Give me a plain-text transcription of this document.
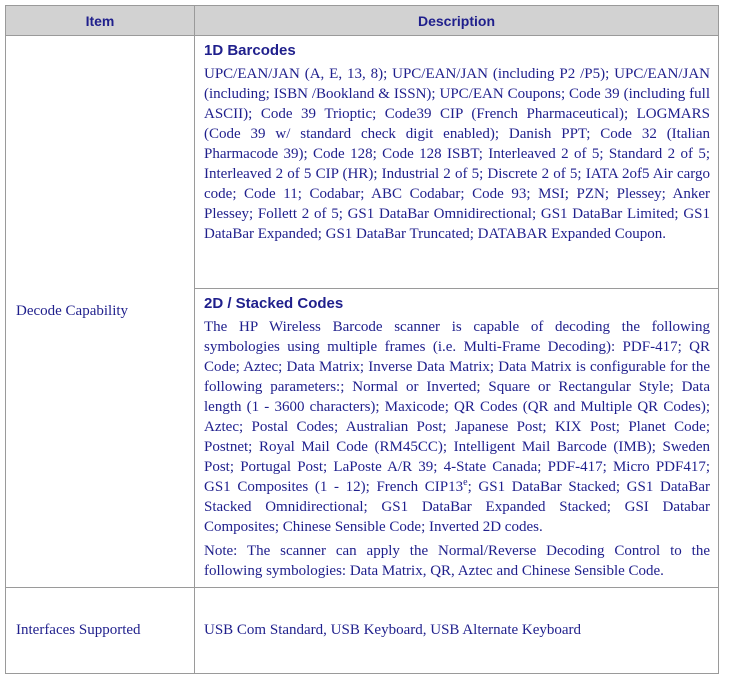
Item	Description
Decode Capability	1D Barcodes

UPC/EAN/JAN (A, E, 13, 8); UPC/EAN/JAN (including P2 /P5); UPC/EAN/JAN (including; ISBN /Bookland & ISSN); UPC/EAN Coupons; Code 39 (including full ASCII); Code 39 Trioptic; Code39 CIP (French Pharmaceutical); LOGMARS (Code 39 w/ standard check digit enabled); Danish PPT; Code 32 (Italian Pharmacode 39); Code 128; Code 128 ISBT; Interleaved 2 of 5; Standard 2 of 5; Interleaved 2 of 5 CIP (HR); Industrial 2 of 5; Discrete 2 of 5; IATA 2of5 Air cargo code; Code 11; Codabar; ABC Codabar; Code 93; MSI; PZN; Plessey; Anker Plessey; Follett 2 of 5; GS1 DataBar Omnidirectional; GS1 DataBar Limited; GS1 DataBar Expanded; GS1 DataBar Truncated; DATABAR Expanded Coupon.

	2D / Stacked Codes

The HP Wireless Barcode scanner is capable of decoding the following symbologies using multiple frames (i.e. Multi-Frame Decoding): PDF-417; QR Code; Aztec; Data Matrix; Inverse Data Matrix; Data Matrix is configurable for the following parameters:; Normal or Inverted; Square or Rectangular Style; Data length (1 - 3600 characters); Maxicode; QR Codes (QR and Multiple QR Codes); Aztec; Postal Codes; Australian Post; Japanese Post; KIX Post; Planet Code; Postnet; Royal Mail Code (RM45CC); Intelligent Mail Barcode (IMB); Sweden Post; Portugal Post; LaPoste A/R 39; 4-State Canada; PDF-417; Micro PDF417; GS1 Composites (1 - 12); French CIP13e; GS1 DataBar Stacked; GS1 DataBar Stacked Omnidirectional; GS1 DataBar Expanded Stacked; GSI Databar Composites; Chinese Sensible Code; Inverted 2D codes.

Note: The scanner can apply the Normal/Reverse Decoding Control to the following symbologies: Data Matrix, QR, Aztec and Chinese Sensible Code.

Interfaces Supported	USB Com Standard, USB Keyboard, USB Alternate Keyboard
